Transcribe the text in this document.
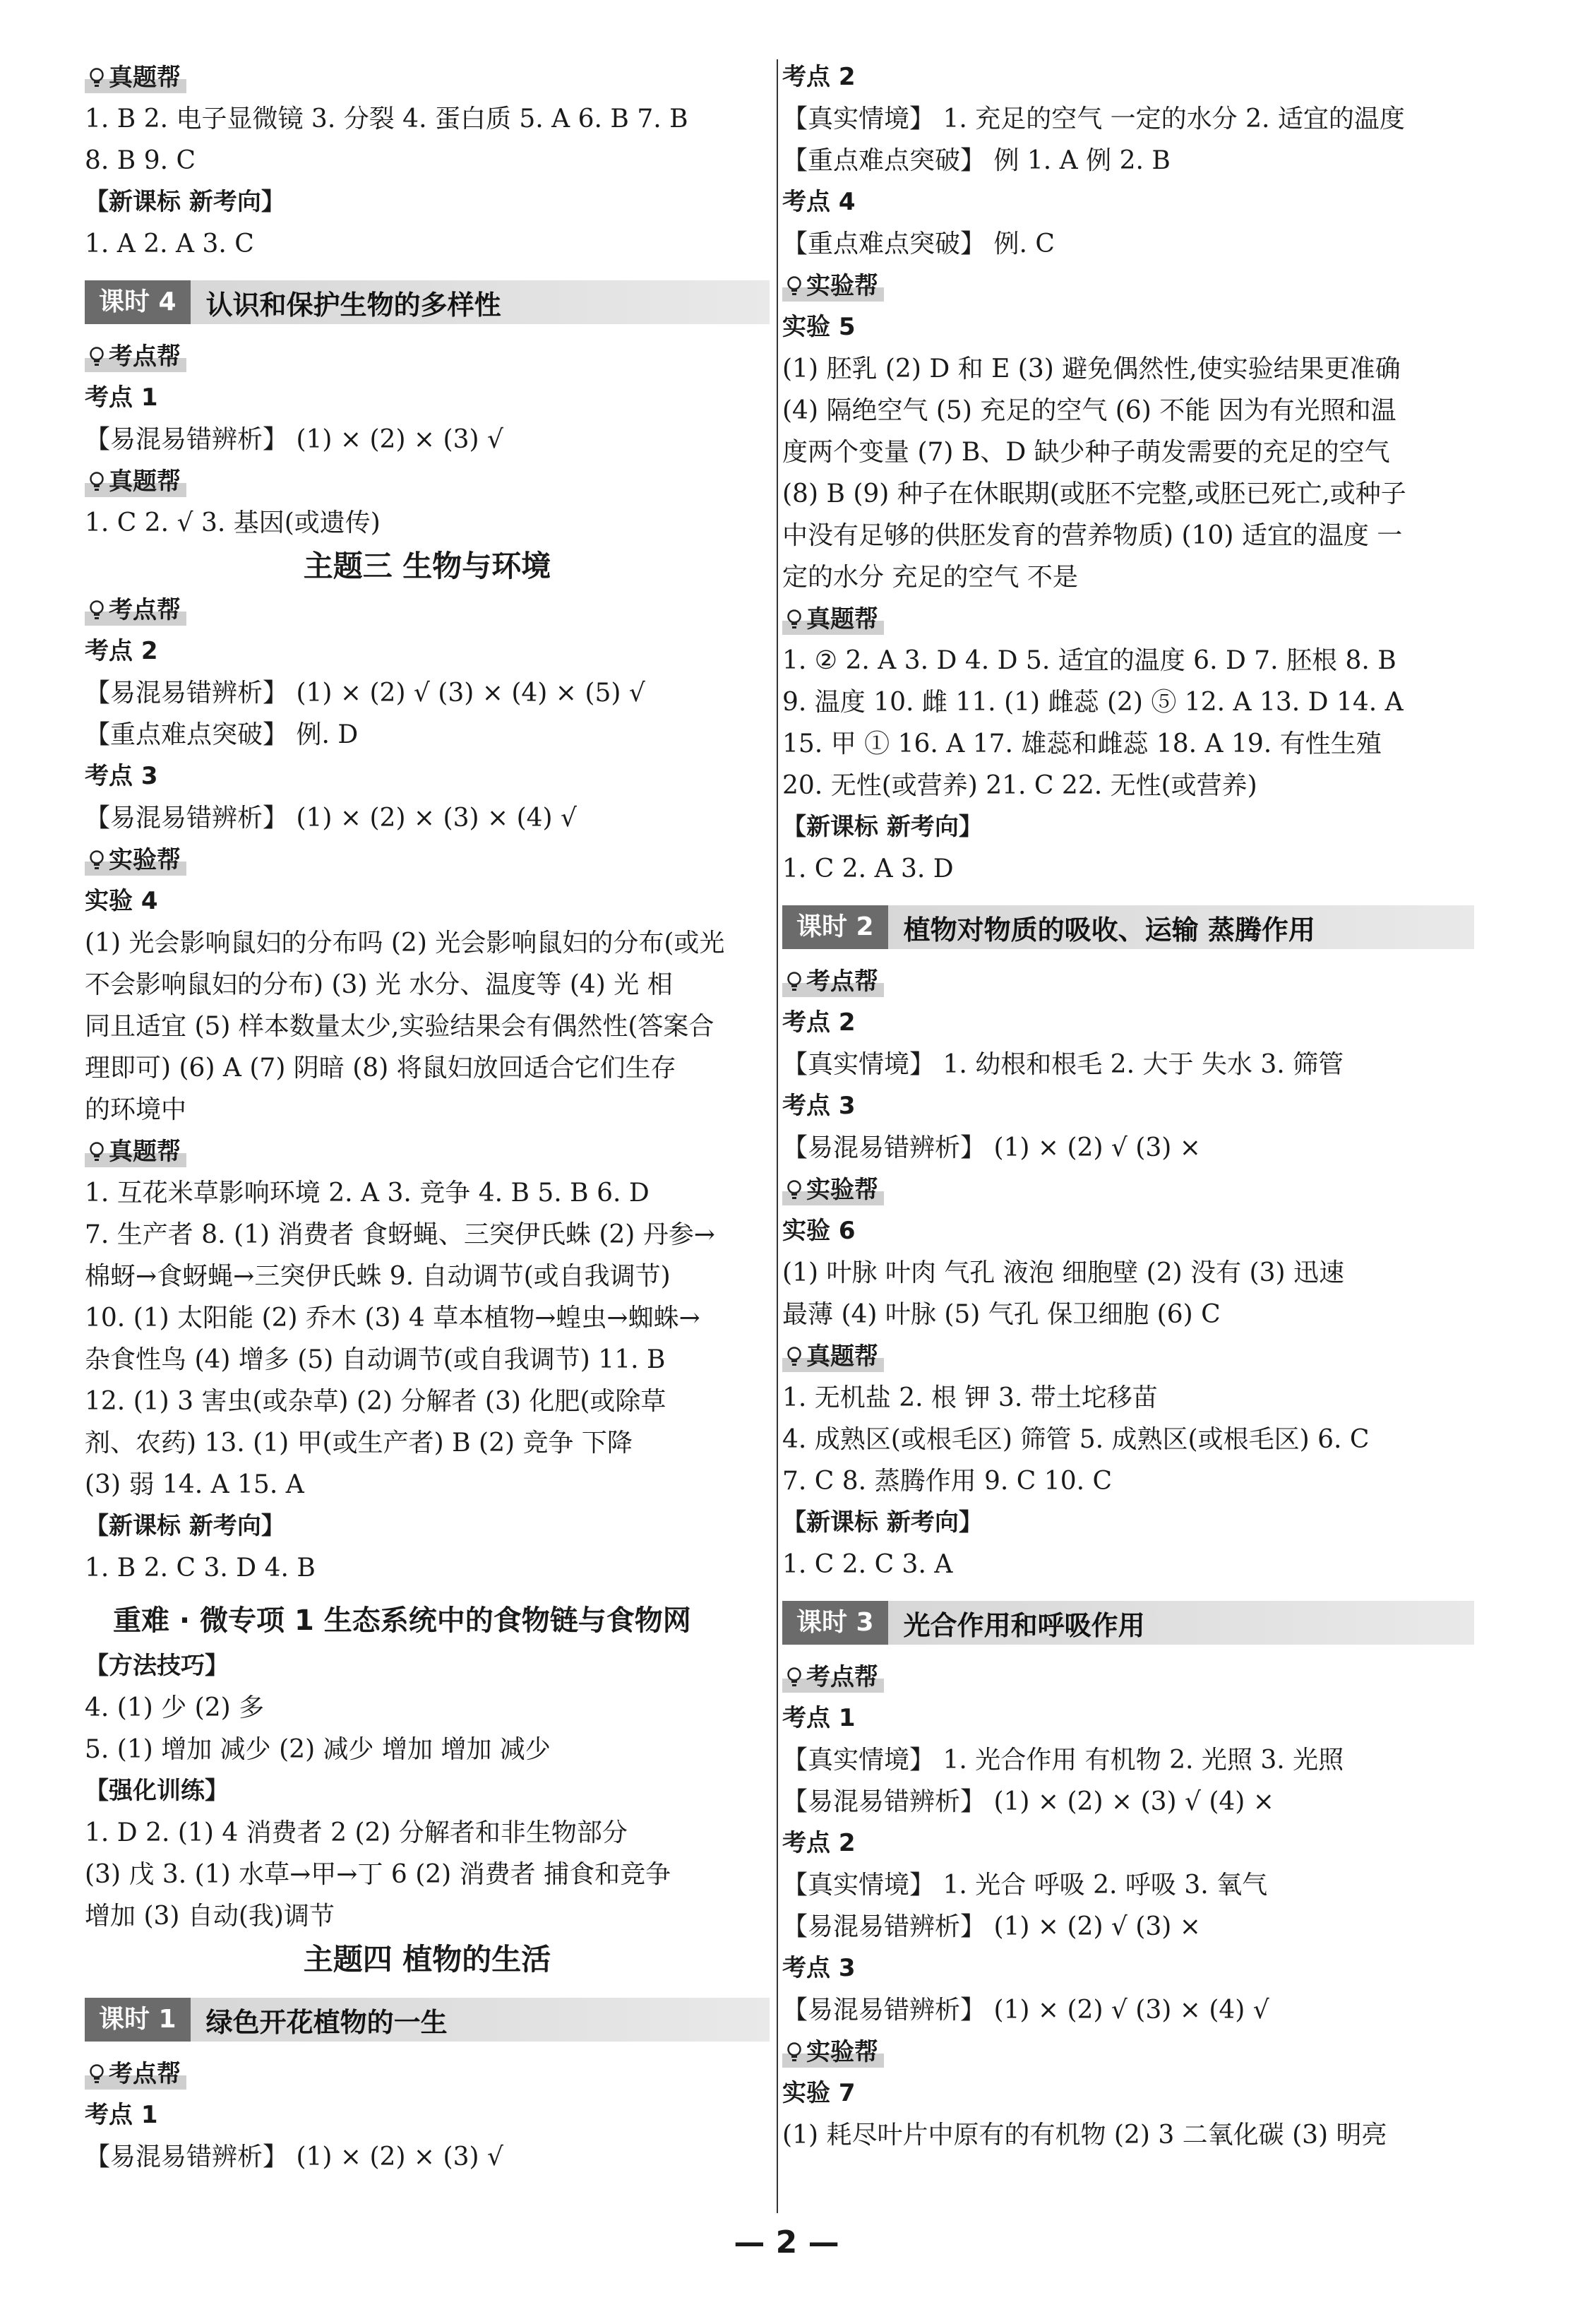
真题帮
1. B 2. 电子显微镜 3. 分裂 4. 蛋白质 5. A 6. B 7. B
8. B 9. C
【新课标 新考向】
1. A 2. A 3. C
课时 4	认识和保护生物的多样性
考点帮
考点 1
【易混易错辨析】 (1) × (2) × (3) √
真题帮
1. C 2. √ 3. 基因(或遗传)
主题三 生物与环境
考点帮
考点 2
【易混易错辨析】 (1) × (2) √ (3) × (4) × (5) √
【重点难点突破】 例. D
考点 3
【易混易错辨析】 (1) × (2) × (3) × (4) √
实验帮
实验 4
(1) 光会影响鼠妇的分布吗 (2) 光会影响鼠妇的分布(或光
不会影响鼠妇的分布) (3) 光 水分、温度等 (4) 光 相
同且适宜 (5) 样本数量太少,实验结果会有偶然性(答案合
理即可) (6) A (7) 阴暗 (8) 将鼠妇放回适合它们生存
的环境中
真题帮
1. 互花米草影响环境 2. A 3. 竞争 4. B 5. B 6. D
7. 生产者 8. (1) 消费者 食蚜蝇、三突伊氏蛛 (2) 丹参→
棉蚜→食蚜蝇→三突伊氏蛛 9. 自动调节(或自我调节)
10. (1) 太阳能 (2) 乔木 (3) 4 草本植物→蝗虫→蜘蛛→
杂食性鸟 (4) 增多 (5) 自动调节(或自我调节) 11. B
12. (1) 3 害虫(或杂草) (2) 分解者 (3) 化肥(或除草
剂、农药) 13. (1) 甲(或生产者) B (2) 竞争 下降
(3) 弱 14. A 15. A
【新课标 新考向】
1. B 2. C 3. D 4. B
重难 · 微专项 1 生态系统中的食物链与食物网
【方法技巧】
4. (1) 少 (2) 多
5. (1) 增加 减少 (2) 减少 增加 增加 减少
【强化训练】
1. D 2. (1) 4 消费者 2 (2) 分解者和非生物部分
(3) 戊 3. (1) 水草→甲→丁 6 (2) 消费者 捕食和竞争
增加 (3) 自动(我)调节
主题四 植物的生活
课时 1	绿色开花植物的一生
考点帮
考点 1
【易混易错辨析】 (1) × (2) × (3) √
考点 2
【真实情境】 1. 充足的空气 一定的水分 2. 适宜的温度
【重点难点突破】 例 1. A 例 2. B
考点 4
【重点难点突破】 例. C
实验帮
实验 5
(1) 胚乳 (2) D 和 E (3) 避免偶然性,使实验结果更准确
(4) 隔绝空气 (5) 充足的空气 (6) 不能 因为有光照和温
度两个变量 (7) B、D 缺少种子萌发需要的充足的空气
(8) B (9) 种子在休眠期(或胚不完整,或胚已死亡,或种子
中没有足够的供胚发育的营养物质) (10) 适宜的温度 一
定的水分 充足的空气 不是
真题帮
1. ② 2. A 3. D 4. D 5. 适宜的温度 6. D 7. 胚根 8. B
9. 温度 10. 雌 11. (1) 雌蕊 (2) ⑤ 12. A 13. D 14. A
15. 甲 ① 16. A 17. 雄蕊和雌蕊 18. A 19. 有性生殖
20. 无性(或营养) 21. C 22. 无性(或营养)
【新课标 新考向】
1. C 2. A 3. D
课时 2	植物对物质的吸收、运输 蒸腾作用
考点帮
考点 2
【真实情境】 1. 幼根和根毛 2. 大于 失水 3. 筛管
考点 3
【易混易错辨析】 (1) × (2) √ (3) ×
实验帮
实验 6
(1) 叶脉 叶肉 气孔 液泡 细胞壁 (2) 没有 (3) 迅速
最薄 (4) 叶脉 (5) 气孔 保卫细胞 (6) C
真题帮
1. 无机盐 2. 根 钾 3. 带土坨移苗
4. 成熟区(或根毛区) 筛管 5. 成熟区(或根毛区) 6. C
7. C 8. 蒸腾作用 9. C 10. C
【新课标 新考向】
1. C 2. C 3. A
课时 3	光合作用和呼吸作用
考点帮
考点 1
【真实情境】 1. 光合作用 有机物 2. 光照 3. 光照
【易混易错辨析】 (1) × (2) × (3) √ (4) ×
考点 2
【真实情境】 1. 光合 呼吸 2. 呼吸 3. 氧气
【易混易错辨析】 (1) × (2) √ (3) ×
考点 3
【易混易错辨析】 (1) × (2) √ (3) × (4) √
实验帮
实验 7
(1) 耗尽叶片中原有的有机物 (2) 3 二氧化碳 (3) 明亮
— 2 —
